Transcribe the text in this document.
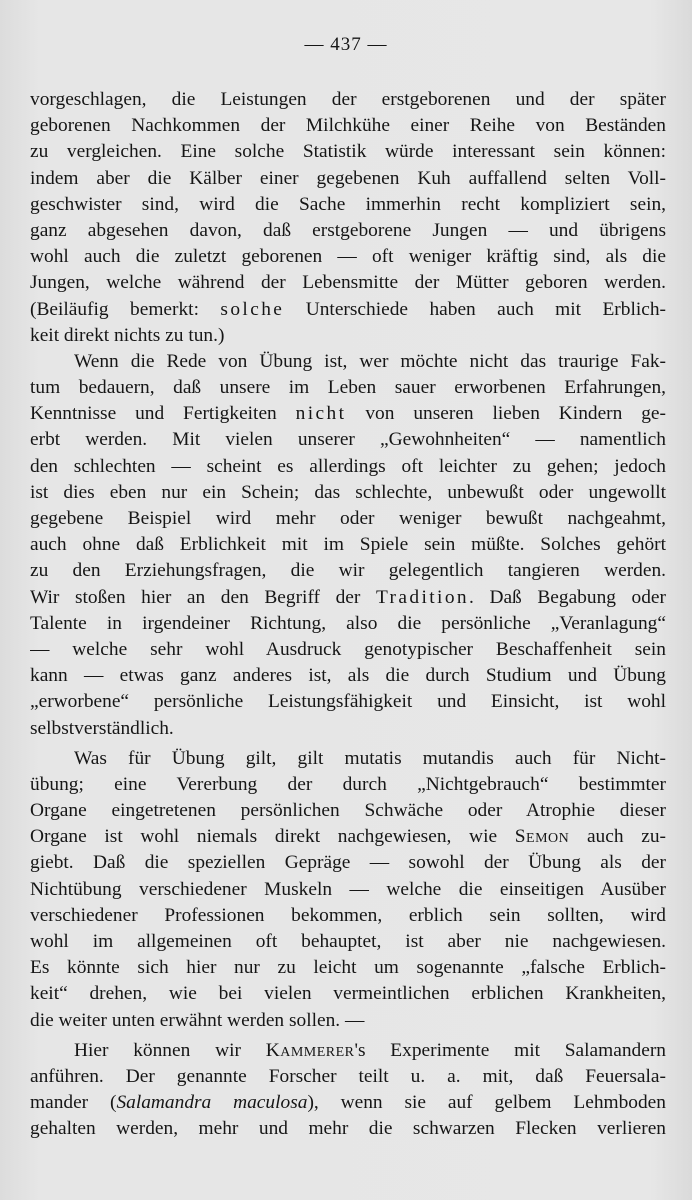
— 437 —
vorgeschlagen, die Leistungen der erstgeborenen und der später
geborenen Nachkommen der Milchkühe einer Reihe von Beständen
zu vergleichen. Eine solche Statistik würde interessant sein können:
indem aber die Kälber einer gegebenen Kuh auffallend selten Voll-
geschwister sind, wird die Sache immerhin recht kompliziert sein,
ganz abgesehen davon, daß erstgeborene Jungen — und übrigens
wohl auch die zuletzt geborenen — oft weniger kräftig sind, als die
Jungen, welche während der Lebensmitte der Mütter geboren werden.
(Beiläufig bemerkt: solche Unterschiede haben auch mit Erblich-
keit direkt nichts zu tun.)
Wenn die Rede von Übung ist, wer möchte nicht das traurige Fak-
tum bedauern, daß unsere im Leben sauer erworbenen Erfahrungen,
Kenntnisse und Fertigkeiten nicht von unseren lieben Kindern ge-
erbt werden. Mit vielen unserer „Gewohnheiten“ — namentlich
den schlechten — scheint es allerdings oft leichter zu gehen; jedoch
ist dies eben nur ein Schein; das schlechte, unbewußt oder ungewollt
gegebene Beispiel wird mehr oder weniger bewußt nachgeahmt,
auch ohne daß Erblichkeit mit im Spiele sein müßte. Solches gehört
zu den Erziehungsfragen, die wir gelegentlich tangieren werden.
Wir stoßen hier an den Begriff der Tradition. Daß Begabung oder
Talente in irgendeiner Richtung, also die persönliche „Veranlagung“
— welche sehr wohl Ausdruck genotypischer Beschaffenheit sein
kann — etwas ganz anderes ist, als die durch Studium und Übung
„erworbene“ persönliche Leistungsfähigkeit und Einsicht, ist wohl
selbstverständlich.
Was für Übung gilt, gilt mutatis mutandis auch für Nicht-
übung; eine Vererbung der durch „Nichtgebrauch“ bestimmter
Organe eingetretenen persönlichen Schwäche oder Atrophie dieser
Organe ist wohl niemals direkt nachgewiesen, wie Semon auch zu-
giebt. Daß die speziellen Gepräge — sowohl der Übung als der
Nichtübung verschiedener Muskeln — welche die einseitigen Ausüber
verschiedener Professionen bekommen, erblich sein sollten, wird
wohl im allgemeinen oft behauptet, ist aber nie nachgewiesen.
Es könnte sich hier nur zu leicht um sogenannte „falsche Erblich-
keit“ drehen, wie bei vielen vermeintlichen erblichen Krankheiten,
die weiter unten erwähnt werden sollen. —
Hier können wir Kammerer's Experimente mit Salamandern
anführen. Der genannte Forscher teilt u. a. mit, daß Feuersala-
mander (Salamandra maculosa), wenn sie auf gelbem Lehmboden
gehalten werden, mehr und mehr die schwarzen Flecken verlieren
